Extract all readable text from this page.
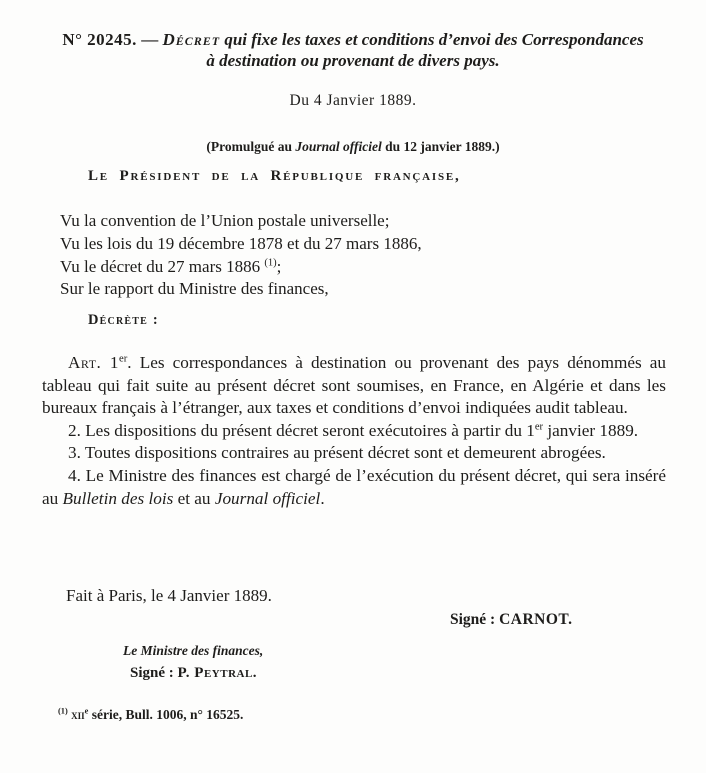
N° 20245. — Décret qui fixe les taxes et conditions d’envoi des Correspondances
à destination ou provenant de divers pays.
Du 4 Janvier 1889.
(Promulgué au Journal officiel du 12 janvier 1889.)
Le Président de la République française,
Vu la convention de l’Union postale universelle;
Vu les lois du 19 décembre 1878 et du 27 mars 1886,
Vu le décret du 27 mars 1886 $^{(1)}$;
Sur le rapport du Ministre des finances,
Décrète :

Art. 1er. Les correspondances à destination ou provenant des pays dénommés au tableau qui fait suite au présent décret sont soumises, en France, en Algérie et dans les bureaux français à l’étranger, aux taxes et conditions d’envoi indiquées audit tableau.

2. Les dispositions du présent décret seront exécutoires à partir du 1er janvier 1889.

3. Toutes dispositions contraires au présent décret sont et demeurent abrogées.

4. Le Ministre des finances est chargé de l’exécution du présent décret, qui sera inséré au Bulletin des lois et au Journal officiel.

Fait à Paris, le 4 Janvier 1889.
Signé : CARNOT.
Le Ministre des finances,
Signé : P. Peytral.
$^{(1)}$ xii$^e$ série, Bull. 1006, n° 16525.
